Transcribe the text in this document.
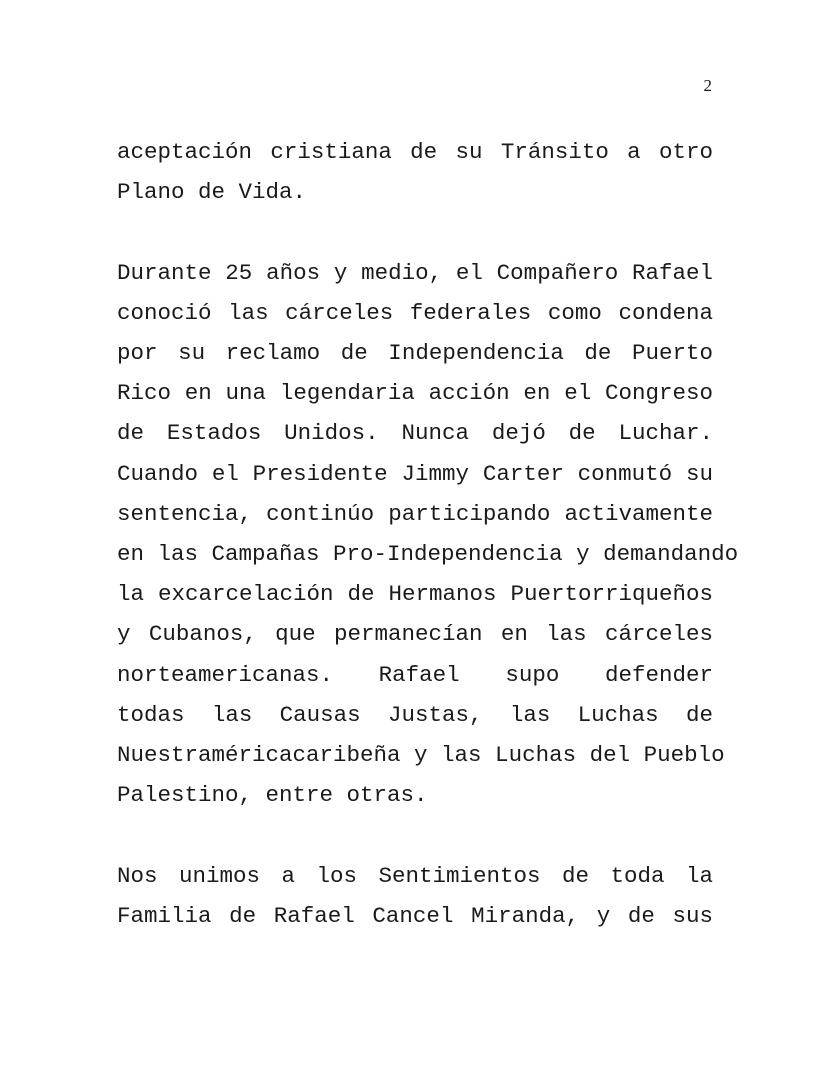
2

aceptación cristiana de su Tránsito a otro
Plano de Vida.

Durante 25 años y medio, el Compañero Rafael
conoció las cárceles federales como condena
por su reclamo de Independencia de Puerto
Rico en una legendaria acción en el Congreso
de Estados Unidos. Nunca dejó de Luchar.
Cuando el Presidente Jimmy Carter conmutó su
sentencia, continúo participando activamente
en las Campañas Pro-Independencia y demandando
la excarcelación de Hermanos Puertorriqueños
y Cubanos, que permanecían en las cárceles
norteamericanas. Rafael supo defender
todas las Causas Justas, las Luchas de
Nuestraméricacaribeña y las Luchas del Pueblo
Palestino, entre otras.

Nos unimos a los Sentimientos de toda la
Familia de Rafael Cancel Miranda, y de sus
